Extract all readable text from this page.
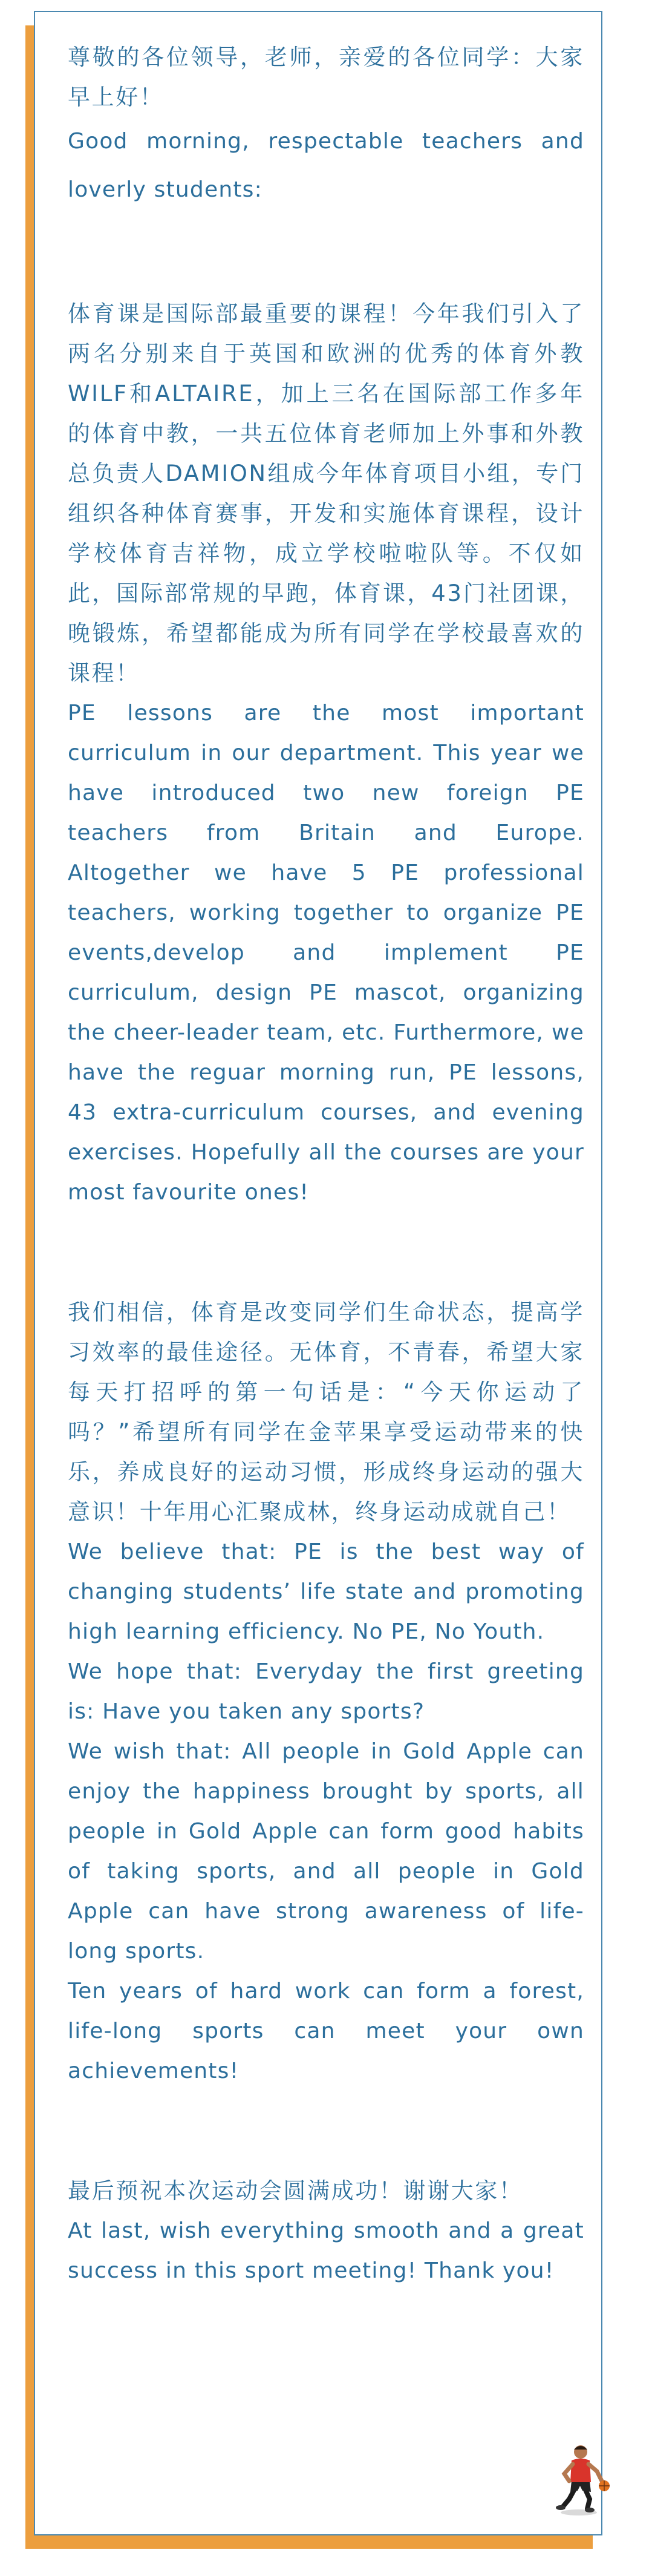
尊敬的各位领导，老师，亲爱的各位同学：大家早上好！

Good morning, respectable teachers and loverly students:

体育课是国际部最重要的课程！今年我们引入了两名分别来自于英国和欧洲的优秀的体育外教WILF和ALTAIRE，加上三名在国际部工作多年的体育中教，一共五位体育老师加上外事和外教总负责人DAMION组成今年体育项目小组，专门组织各种体育赛事，开发和实施体育课程，设计学校体育吉祥物，成立学校啦啦队等。不仅如此，国际部常规的早跑，体育课，43门社团课，晚锻炼，希望都能成为所有同学在学校最喜欢的课程！

PE lessons are the most important curriculum in our department. This year we have introduced two new foreign PE teachers from Britain and Europe. Altogether we have 5 PE professional teachers, working together to organize PE events,develop and implement PE curriculum, design PE mascot, organizing the cheer-leader team, etc. Furthermore, we have the reguar morning run, PE lessons, 43 extra-curriculum courses, and evening exercises. Hopefully all the courses are your most favourite ones!

我们相信，体育是改变同学们生命状态，提高学习效率的最佳途径。无体育，不青春，希望大家每天打招呼的第一句话是：“今天你运动了吗？”希望所有同学在金苹果享受运动带来的快乐，养成良好的运动习惯，形成终身运动的强大意识！十年用心汇聚成林，终身运动成就自己！

We believe that: PE is the best way of changing students’ life state and promoting high learning efficiency. No PE, No Youth.

We hope that: Everyday the first greeting is: Have you taken any sports?

We wish that: All people in Gold Apple can enjoy the happiness brought by sports, all people in Gold Apple can form good habits of taking sports, and all people in Gold Apple can have strong awareness of life-long sports.

Ten years of hard work can form a forest, life-long sports can meet your own achievements!

最后预祝本次运动会圆满成功！谢谢大家！

At last, wish everything smooth and a great success in this sport meeting! Thank you!
